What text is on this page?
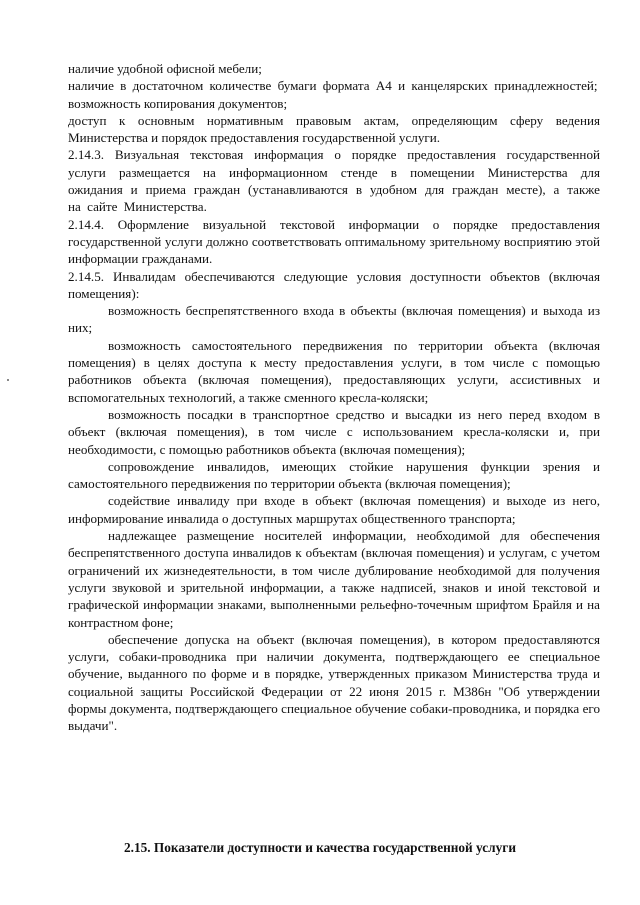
наличие удобной офисной мебели;

наличие в достаточном количестве бумаги формата А4 и канцелярских принадлежностей;

возможность копирования документов;

доступ к основным нормативным правовым актам, определяющим сферу ведения Министерства и порядок предоставления государственной услуги.

2.14.3. Визуальная текстовая информация о порядке предоставления государственной услуги размещается на информационном стенде в помещении Министерства для ожидания и приема граждан (устанавливаются в удобном для граждан месте), а также на сайте Министерства.

2.14.4. Оформление визуальной текстовой информации о порядке предоставления государственной услуги должно соответствовать оптимальному зрительному восприятию этой информации гражданами.

2.14.5. Инвалидам обеспечиваются следующие условия доступности объектов (включая помещения):

возможность беспрепятственного входа в объекты (включая помещения) и выхода из них;

возможность самостоятельного передвижения по территории объекта (включая помещения) в целях доступа к месту предоставления услуги, в том числе с помощью работников объекта (включая помещения), предоставляющих услуги, ассистивных и вспомогательных технологий, а также сменного кресла-коляски;

возможность посадки в транспортное средство и высадки из него перед входом в объект (включая помещения), в том числе с использованием кресла-коляски и, при необходимости, с помощью работников объекта (включая помещения);

сопровождение инвалидов, имеющих стойкие нарушения функции зрения и самостоятельного передвижения по территории объекта (включая помещения);

содействие инвалиду при входе в объект (включая помещения) и выходе из него, информирование инвалида о доступных маршрутах общественного транспорта;

надлежащее размещение носителей информации, необходимой для обеспечения беспрепятственного доступа инвалидов к объектам (включая помещения) и услугам, с учетом ограничений их жизнедеятельности, в том числе дублирование необходимой для получения услуги звуковой и зрительной информации, а также надписей, знаков и иной текстовой и графической информации знаками, выполненными рельефно-точечным шрифтом Брайля и на контрастном фоне;

обеспечение допуска на объект (включая помещения), в котором предоставляются услуги, собаки-проводника при наличии документа, подтверждающего ее специальное обучение, выданного по форме и в порядке, утвержденных приказом Министерства труда и социальной защиты Российской Федерации от 22 июня 2015 г. М386н "Об утверждении формы документа, подтверждающего специальное обучение собаки-проводника, и порядка его выдачи".

2.15. Показатели доступности и качества государственной услуги
